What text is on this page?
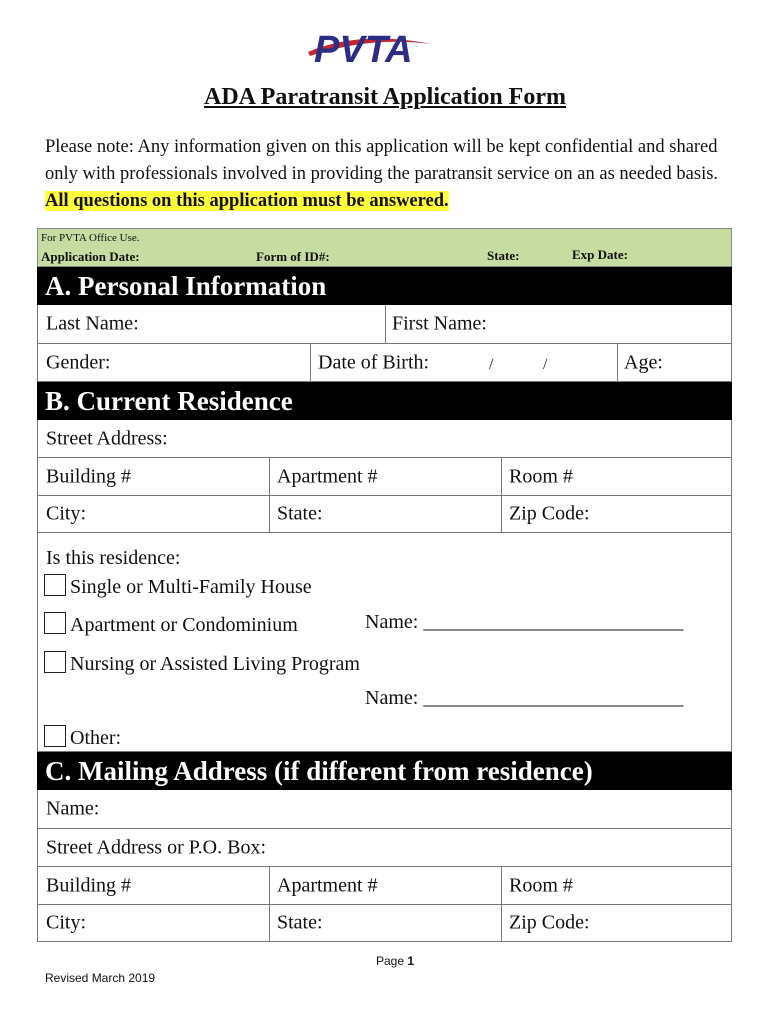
PVTA
ADA Paratransit Application Form
Please note: Any information given on this application will be kept confidential and shared only with professionals involved in providing the paratransit service on an as needed basis. All questions on this application must be answered.
For PVTA Office Use.
Application Date:	Form of ID#:	State:	Exp Date:
A. Personal Information
Last Name:	First Name:
Gender:	Date of Birth:	/	/	Age:
B. Current Residence
Street Address:
Building #	Apartment #	Room #
City:	State:	Zip Code:
Is this residence:
Single or Multi-Family House
Apartment or Condominium	Name: __________________________
Nursing or Assisted Living Program
Name: __________________________
Other:
C. Mailing Address (if different from residence)
Name:
Street Address or P.O. Box:
Building #	Apartment #	Room #
City:	State:	Zip Code:
Page 1
Revised March 2019
